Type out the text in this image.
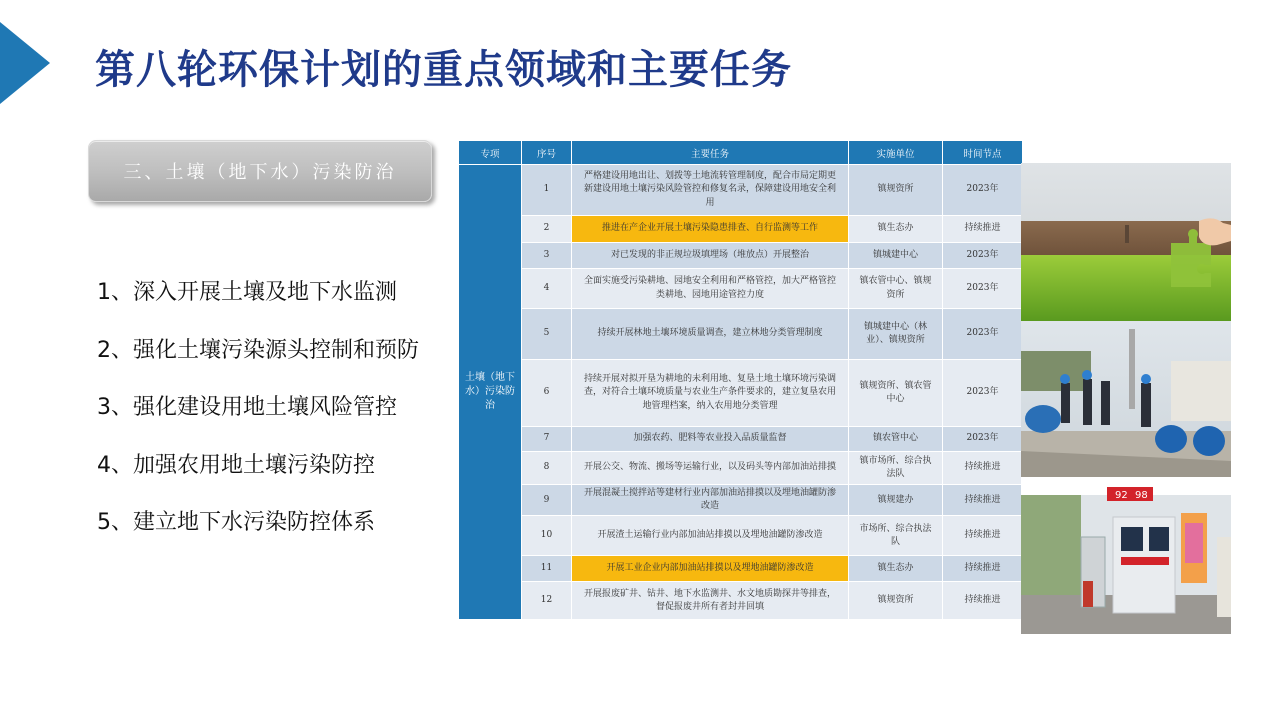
第八轮环保计划的重点领域和主要任务
三、土壤（地下水）污染防治
1、深入开展土壤及地下水监测
2、强化土壤污染源头控制和预防
3、强化建设用地土壤风险管控
4、加强农用地土壤污染防控
5、建立地下水污染防控体系
专项	序号	主要任务	实施单位	时间节点
土壤（地下水）污染防治	1	严格建设用地出让、划拨等土地流转管理制度，配合市局定期更新建设用地土壤污染风险管控和修复名录，保障建设用地安全利用	镇规资所	2023年
	2	推进在产企业开展土壤污染隐患排查、自行监测等工作	镇生态办	持续推进
	3	对已发现的非正规垃圾填埋场（堆放点）开展整治	镇城建中心	2023年
	4	全面实施受污染耕地、园地安全利用和严格管控，加大严格管控类耕地、园地用途管控力度	镇农管中心、镇规资所	2023年
	5	持续开展林地土壤环境质量调查，建立林地分类管理制度	镇城建中心（林业）、镇规资所	2023年
	6	持续开展对拟开垦为耕地的未利用地、复垦土地土壤环境污染调查，对符合土壤环境质量与农业生产条件要求的，建立复垦农用地管理档案，纳入农用地分类管理	镇规资所、镇农管中心	2023年
	7	加强农药、肥料等农业投入品质量监督	镇农管中心	2023年
	8	开展公交、物流、搬场等运输行业，以及码头等内部加油站排摸	镇市场所、综合执法队	持续推进
	9	开展混凝土搅拌站等建材行业内部加油站排摸以及埋地油罐防渗改造	镇规建办	持续推进
	10	开展渣土运输行业内部加油站排摸以及埋地油罐防渗改造	市场所、综合执法队	持续推进
	11	开展工业企业内部加油站排摸以及埋地油罐防渗改造	镇生态办	持续推进
	12	开展报废矿井、钻井、地下水监测井、水文地质勘探井等排查，督促报废井所有者封井回填	镇规资所	持续推进
92 98
